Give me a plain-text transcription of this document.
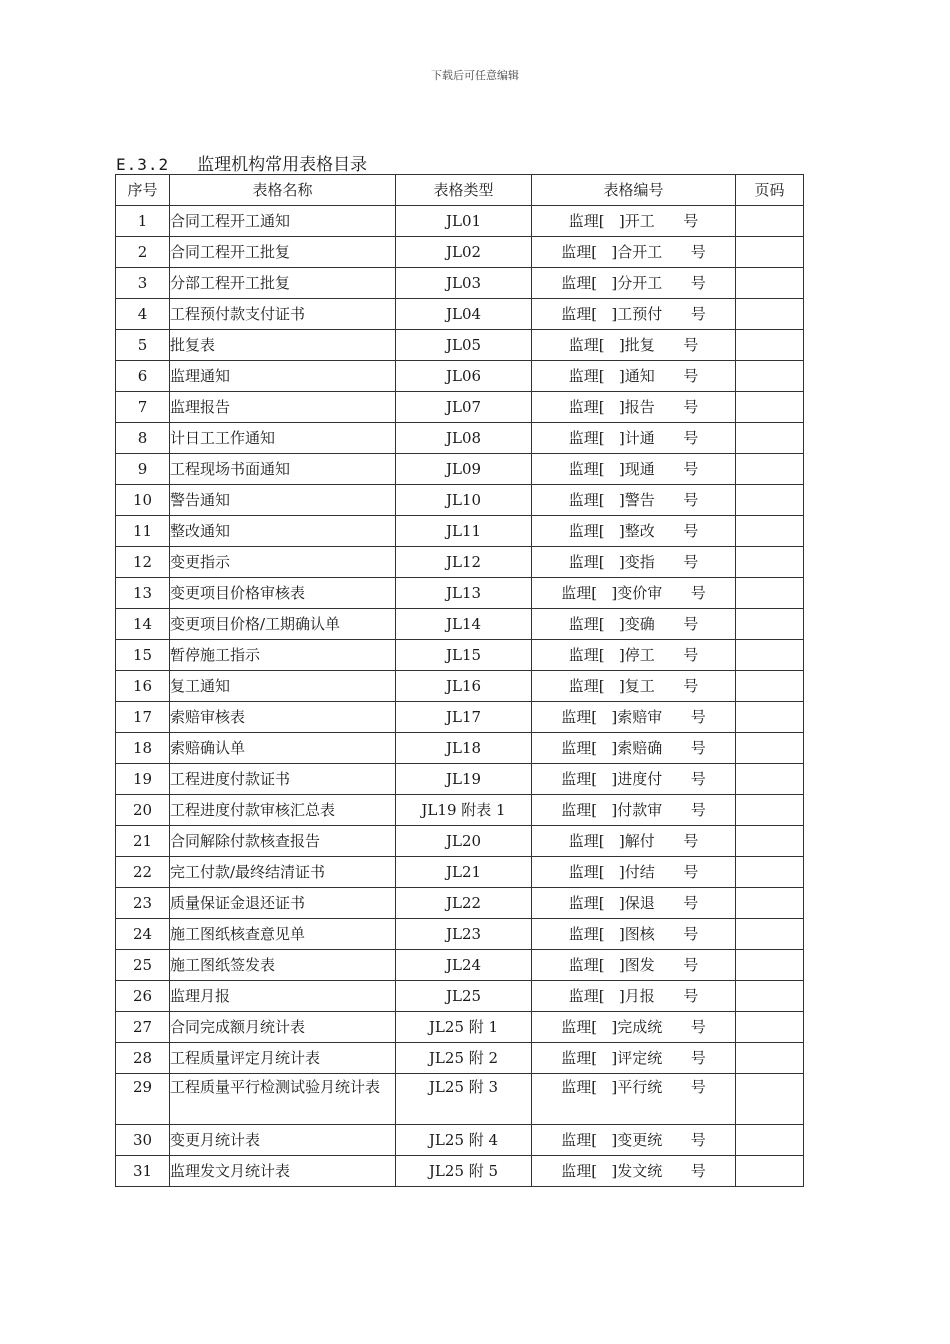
下载后可任意编辑
E.3.2 监理机构常用表格目录
序号	表格名称	表格类型	表格编号	页码
1	合同工程开工通知	JL01	监理[   ]开工      号	
2	合同工程开工批复	JL02	监理[   ]合开工      号	
3	分部工程开工批复	JL03	监理[   ]分开工      号	
4	工程预付款支付证书	JL04	监理[   ]工预付      号	
5	批复表	JL05	监理[   ]批复      号	
6	监理通知	JL06	监理[   ]通知      号	
7	监理报告	JL07	监理[   ]报告      号	
8	计日工工作通知	JL08	监理[   ]计通      号	
9	工程现场书面通知	JL09	监理[   ]现通      号	
10	警告通知	JL10	监理[   ]警告      号	
11	整改通知	JL11	监理[   ]整改      号	
12	变更指示	JL12	监理[   ]变指      号	
13	变更项目价格审核表	JL13	监理[   ]变价审      号	
14	变更项目价格/工期确认单	JL14	监理[   ]变确      号	
15	暂停施工指示	JL15	监理[   ]停工      号	
16	复工通知	JL16	监理[   ]复工      号	
17	索赔审核表	JL17	监理[   ]索赔审      号	
18	索赔确认单	JL18	监理[   ]索赔确      号	
19	工程进度付款证书	JL19	监理[   ]进度付      号	
20	工程进度付款审核汇总表	JL19 附表 1	监理[   ]付款审      号	
21	合同解除付款核查报告	JL20	监理[   ]解付      号	
22	完工付款/最终结清证书	JL21	监理[   ]付结      号	
23	质量保证金退还证书	JL22	监理[   ]保退      号	
24	施工图纸核查意见单	JL23	监理[   ]图核      号	
25	施工图纸签发表	JL24	监理[   ]图发      号	
26	监理月报	JL25	监理[   ]月报      号	
27	合同完成额月统计表	JL25 附 1	监理[   ]完成统      号	
28	工程质量评定月统计表	JL25 附 2	监理[   ]评定统      号	
29	工程质量平行检测试验月统计表	JL25 附 3	监理[   ]平行统      号	
30	变更月统计表	JL25 附 4	监理[   ]变更统      号	
31	监理发文月统计表	JL25 附 5	监理[   ]发文统      号	
